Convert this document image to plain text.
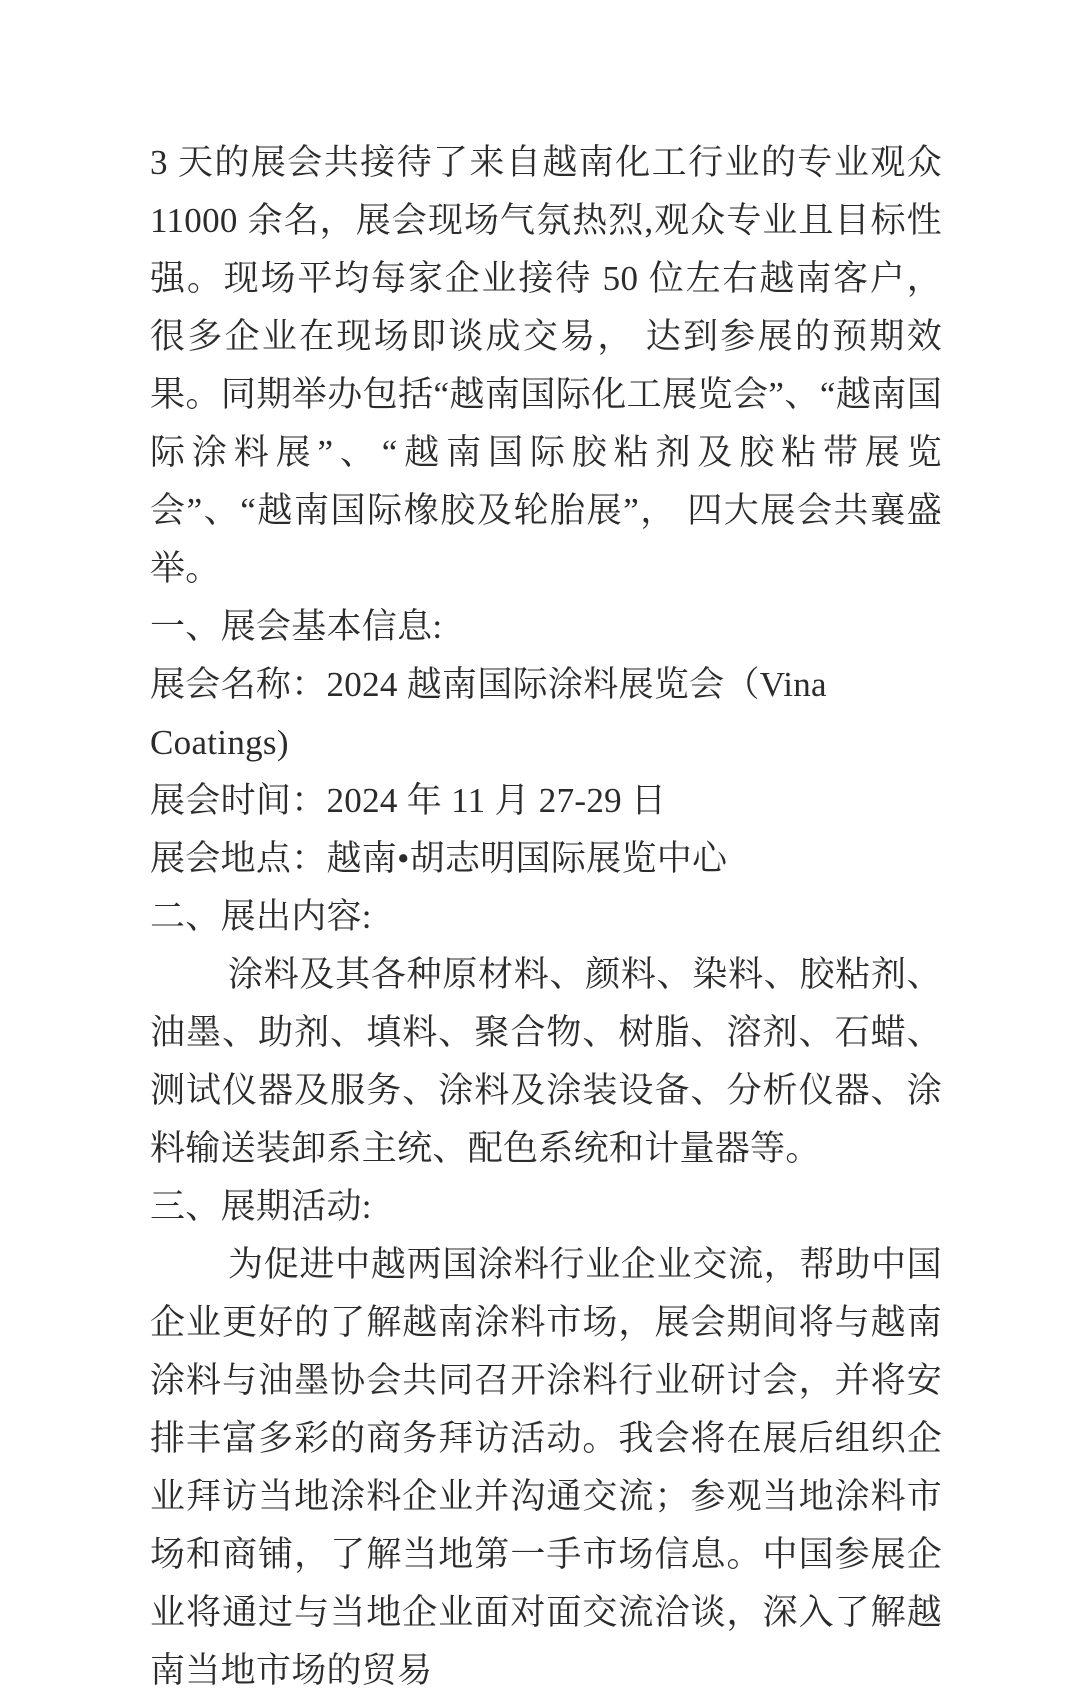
3 天的展会共接待了来自越南化工行业的专业观众 11000 余名，展会现场气氛热烈,观众专业且目标性强。现场平均每家企业接待 50 位左右越南客户， 很多企业在现场即谈成交易， 达到参展的预期效果。同期举办包括“越南国际化工展览会”、“越南国际涂料展”、“越南国际胶粘剂及胶粘带展览会”、“越南国际橡胶及轮胎展”， 四大展会共襄盛举。

一、展会基本信息:

展会名称：2024 越南国际涂料展览会（Vina Coatings)

展会时间：2024 年 11 月 27-29 日

展会地点：越南•胡志明国际展览中心

二、展出内容:

涂料及其各种原材料、颜料、染料、胶粘剂、油墨、助剂、填料、聚合物、树脂、溶剂、石蜡、测试仪器及服务、涂料及涂装设备、分析仪器、涂料输送装卸系主统、配色系统和计量器等。

三、展期活动:

为促进中越两国涂料行业企业交流，帮助中国企业更好的了解越南涂料市场，展会期间将与越南涂料与油墨协会共同召开涂料行业研讨会，并将安排丰富多彩的商务拜访活动。我会将在展后组织企业拜访当地涂料企业并沟通交流；参观当地涂料市场和商铺，了解当地第一手市场信息。中国参展企业将通过与当地企业面对面交流洽谈，深入了解越南当地市场的贸易
